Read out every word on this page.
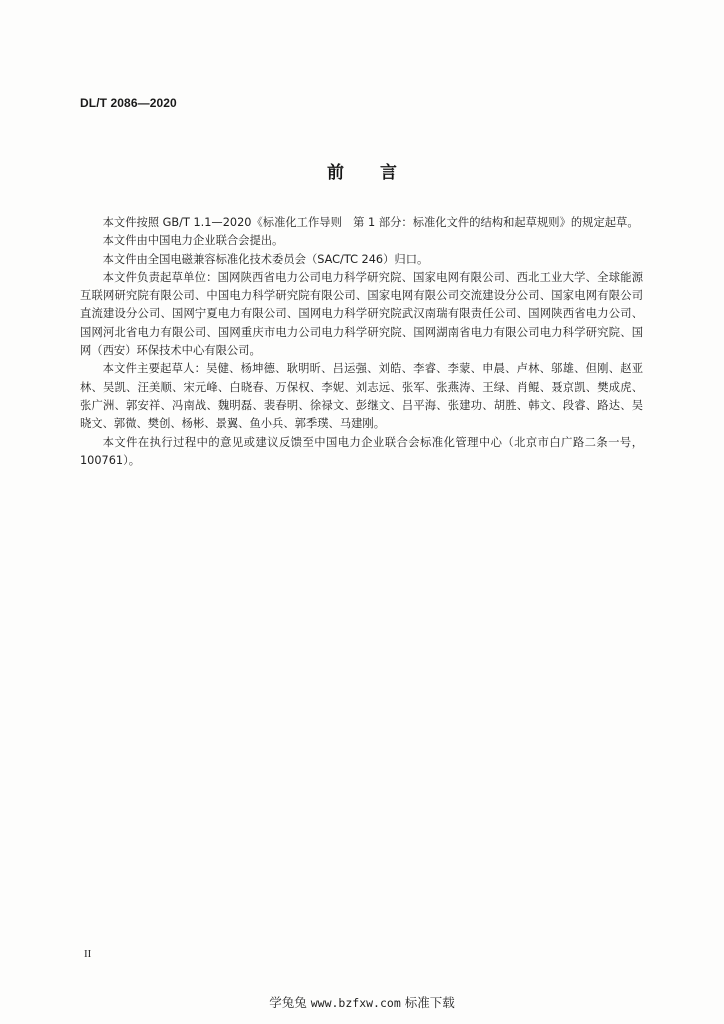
DL/T 2086—2020
前言

本文件按照 GB/T 1.1—2020《标准化工作导则　第 1 部分：标准化文件的结构和起草规则》的规定起草。

本文件由中国电力企业联合会提出。

本文件由全国电磁兼容标准化技术委员会（SAC/TC 246）归口。

本文件负责起草单位：国网陕西省电力公司电力科学研究院、国家电网有限公司、西北工业大学、全球能源互联网研究院有限公司、中国电力科学研究院有限公司、国家电网有限公司交流建设分公司、国家电网有限公司直流建设分公司、国网宁夏电力有限公司、国网电力科学研究院武汉南瑞有限责任公司、国网陕西省电力公司、国网河北省电力有限公司、国网重庆市电力公司电力科学研究院、国网湖南省电力有限公司电力科学研究院、国网（西安）环保技术中心有限公司。

本文件主要起草人：吴健、杨坤德、耿明昕、吕运强、刘皓、李睿、李蒙、申晨、卢林、邬雄、但刚、赵亚林、吴凯、汪美顺、宋元峰、白晓春、万保权、李妮、刘志远、张军、张燕涛、王绿、肖鲲、聂京凯、樊成虎、张广洲、郭安祥、冯南战、魏明磊、裴春明、徐禄文、彭继文、吕平海、张建功、胡胜、韩文、段睿、路达、吴晓文、郭微、樊创、杨彬、景翼、鱼小兵、郭季璞、马建刚。

本文件在执行过程中的意见或建议反馈至中国电力企业联合会标准化管理中心（北京市白广路二条一号，100761）。

II
学兔兔 www.bzfxw.com 标准下载
